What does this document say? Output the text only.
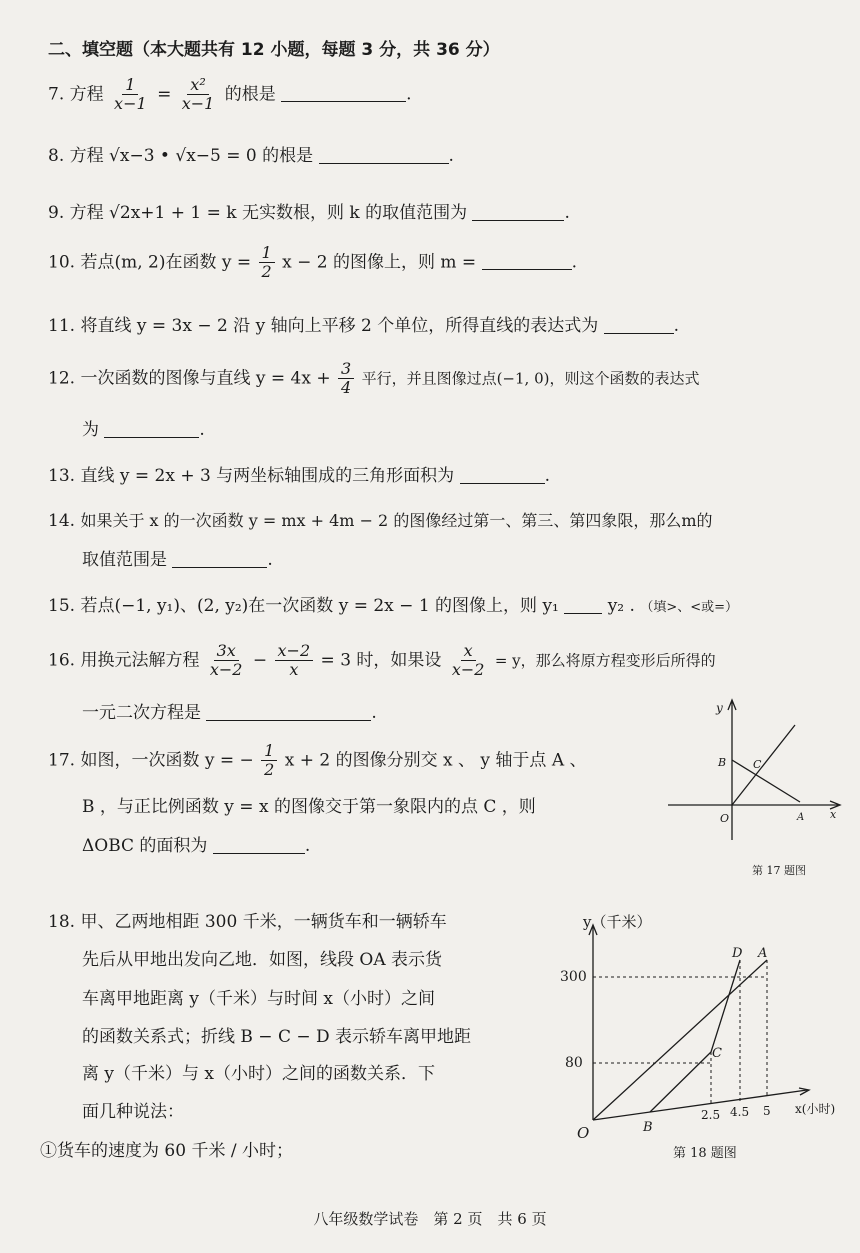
二、填空题（本大题共有 12 小题，每题 3 分，共 36 分）
7. 方程 $\frac{1}{x-1} = \frac{\text{x²}}{x-1}$ 的根是	.
8. 方程 √x−3 • √x−5 = 0 的根是	.
9. 方程 √2x+1 + 1 = k 无实数根，则 k 的取值范围为	.
10. 若点(m, 2)在函数 $y = \frac{1}{2}$ x − 2 的图像上，则 m =	.
11. 将直线 y = 3x − 2 沿 y 轴向上平移 2 个单位，所得直线的表达式为	.
12. 一次函数的图像与直线 $y = 4x + \frac{3}{4}$ 平行，并且图像过点(−1, 0)，则这个函数的表达式
为	.
13. 直线 y = 2x + 3 与两坐标轴围成的三角形面积为	.
14. 如果关于 x 的一次函数 y = mx + 4m − 2 的图像经过第一、第三、第四象限，那么m的
取值范围是	.
15. 若点(−1, y₁)、(2, y₂)在一次函数 y = 2x − 1 的图像上，则 y₁	y₂ . （填>、<或=）
16. 用换元法解方程 $\frac{3x}{x-2} - \frac{x-2}{x} = 3$ 时，如果设 $\frac{x}{x-2} = y$，那么将原方程变形后所得的
一元二次方程是	.
17. 如图，一次函数 y = − $\frac{1}{2}$ x + 2 的图像分别交 x 、 y 轴于点 A 、
B ，与正比例函数 y = x 的图像交于第一象限内的点 C ，则
ΔOBC 的面积为	.
y
x
B C
O	A
第 17 题图
18. 甲、乙两地相距 300 千米，一辆货车和一辆轿车
先后从甲地出发向乙地．如图，线段 OA 表示货
车离甲地距离 y（千米）与时间 x（小时）之间
的函数关系式；折线 B − C − D 表示轿车离甲地距
离 y（千米）与 x（小时）之间的函数关系．下
面几种说法：
①货车的速度为 60 千米 / 小时；
y（千米）
x(小时)
300
80
2.5 4.5 5
O	B
C
D A
第 18 题图
八年级数学试卷　第 2 页　共 6 页
